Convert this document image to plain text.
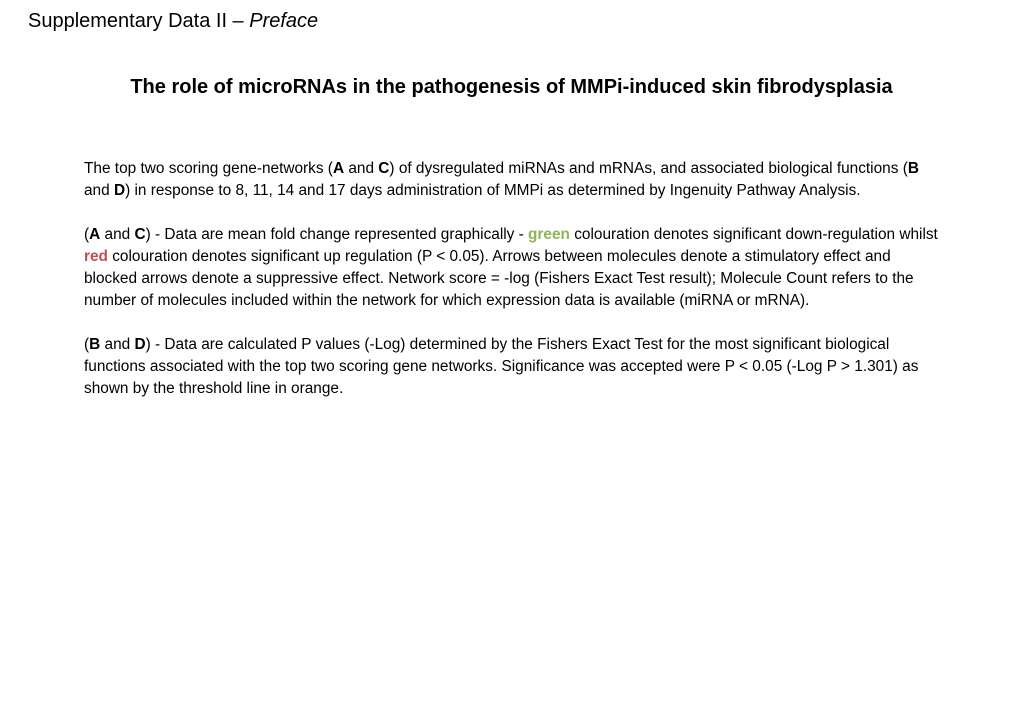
Supplementary Data II – Preface
The role of microRNAs in the pathogenesis of MMPi-induced skin fibrodysplasia

The top two scoring gene-networks (A and C) of dysregulated miRNAs and mRNAs, and associated biological functions (B and D) in response to 8, 11, 14 and 17 days administration of MMPi as determined by Ingenuity Pathway Analysis.

(A and C) - Data are mean fold change represented graphically - green colouration denotes significant down-regulation whilst red colouration denotes significant up regulation (P < 0.05). Arrows between molecules denote a stimulatory effect and blocked arrows denote a suppressive effect. Network score = -log (Fishers Exact Test result); Molecule Count refers to the number of molecules included within the network for which expression data is available (miRNA or mRNA).

(B and D) - Data are calculated P values (-Log) determined by the Fishers Exact Test for the most significant biological functions associated with the top two scoring gene networks. Significance was accepted were P < 0.05 (-Log P > 1.301) as shown by the threshold line in orange.
